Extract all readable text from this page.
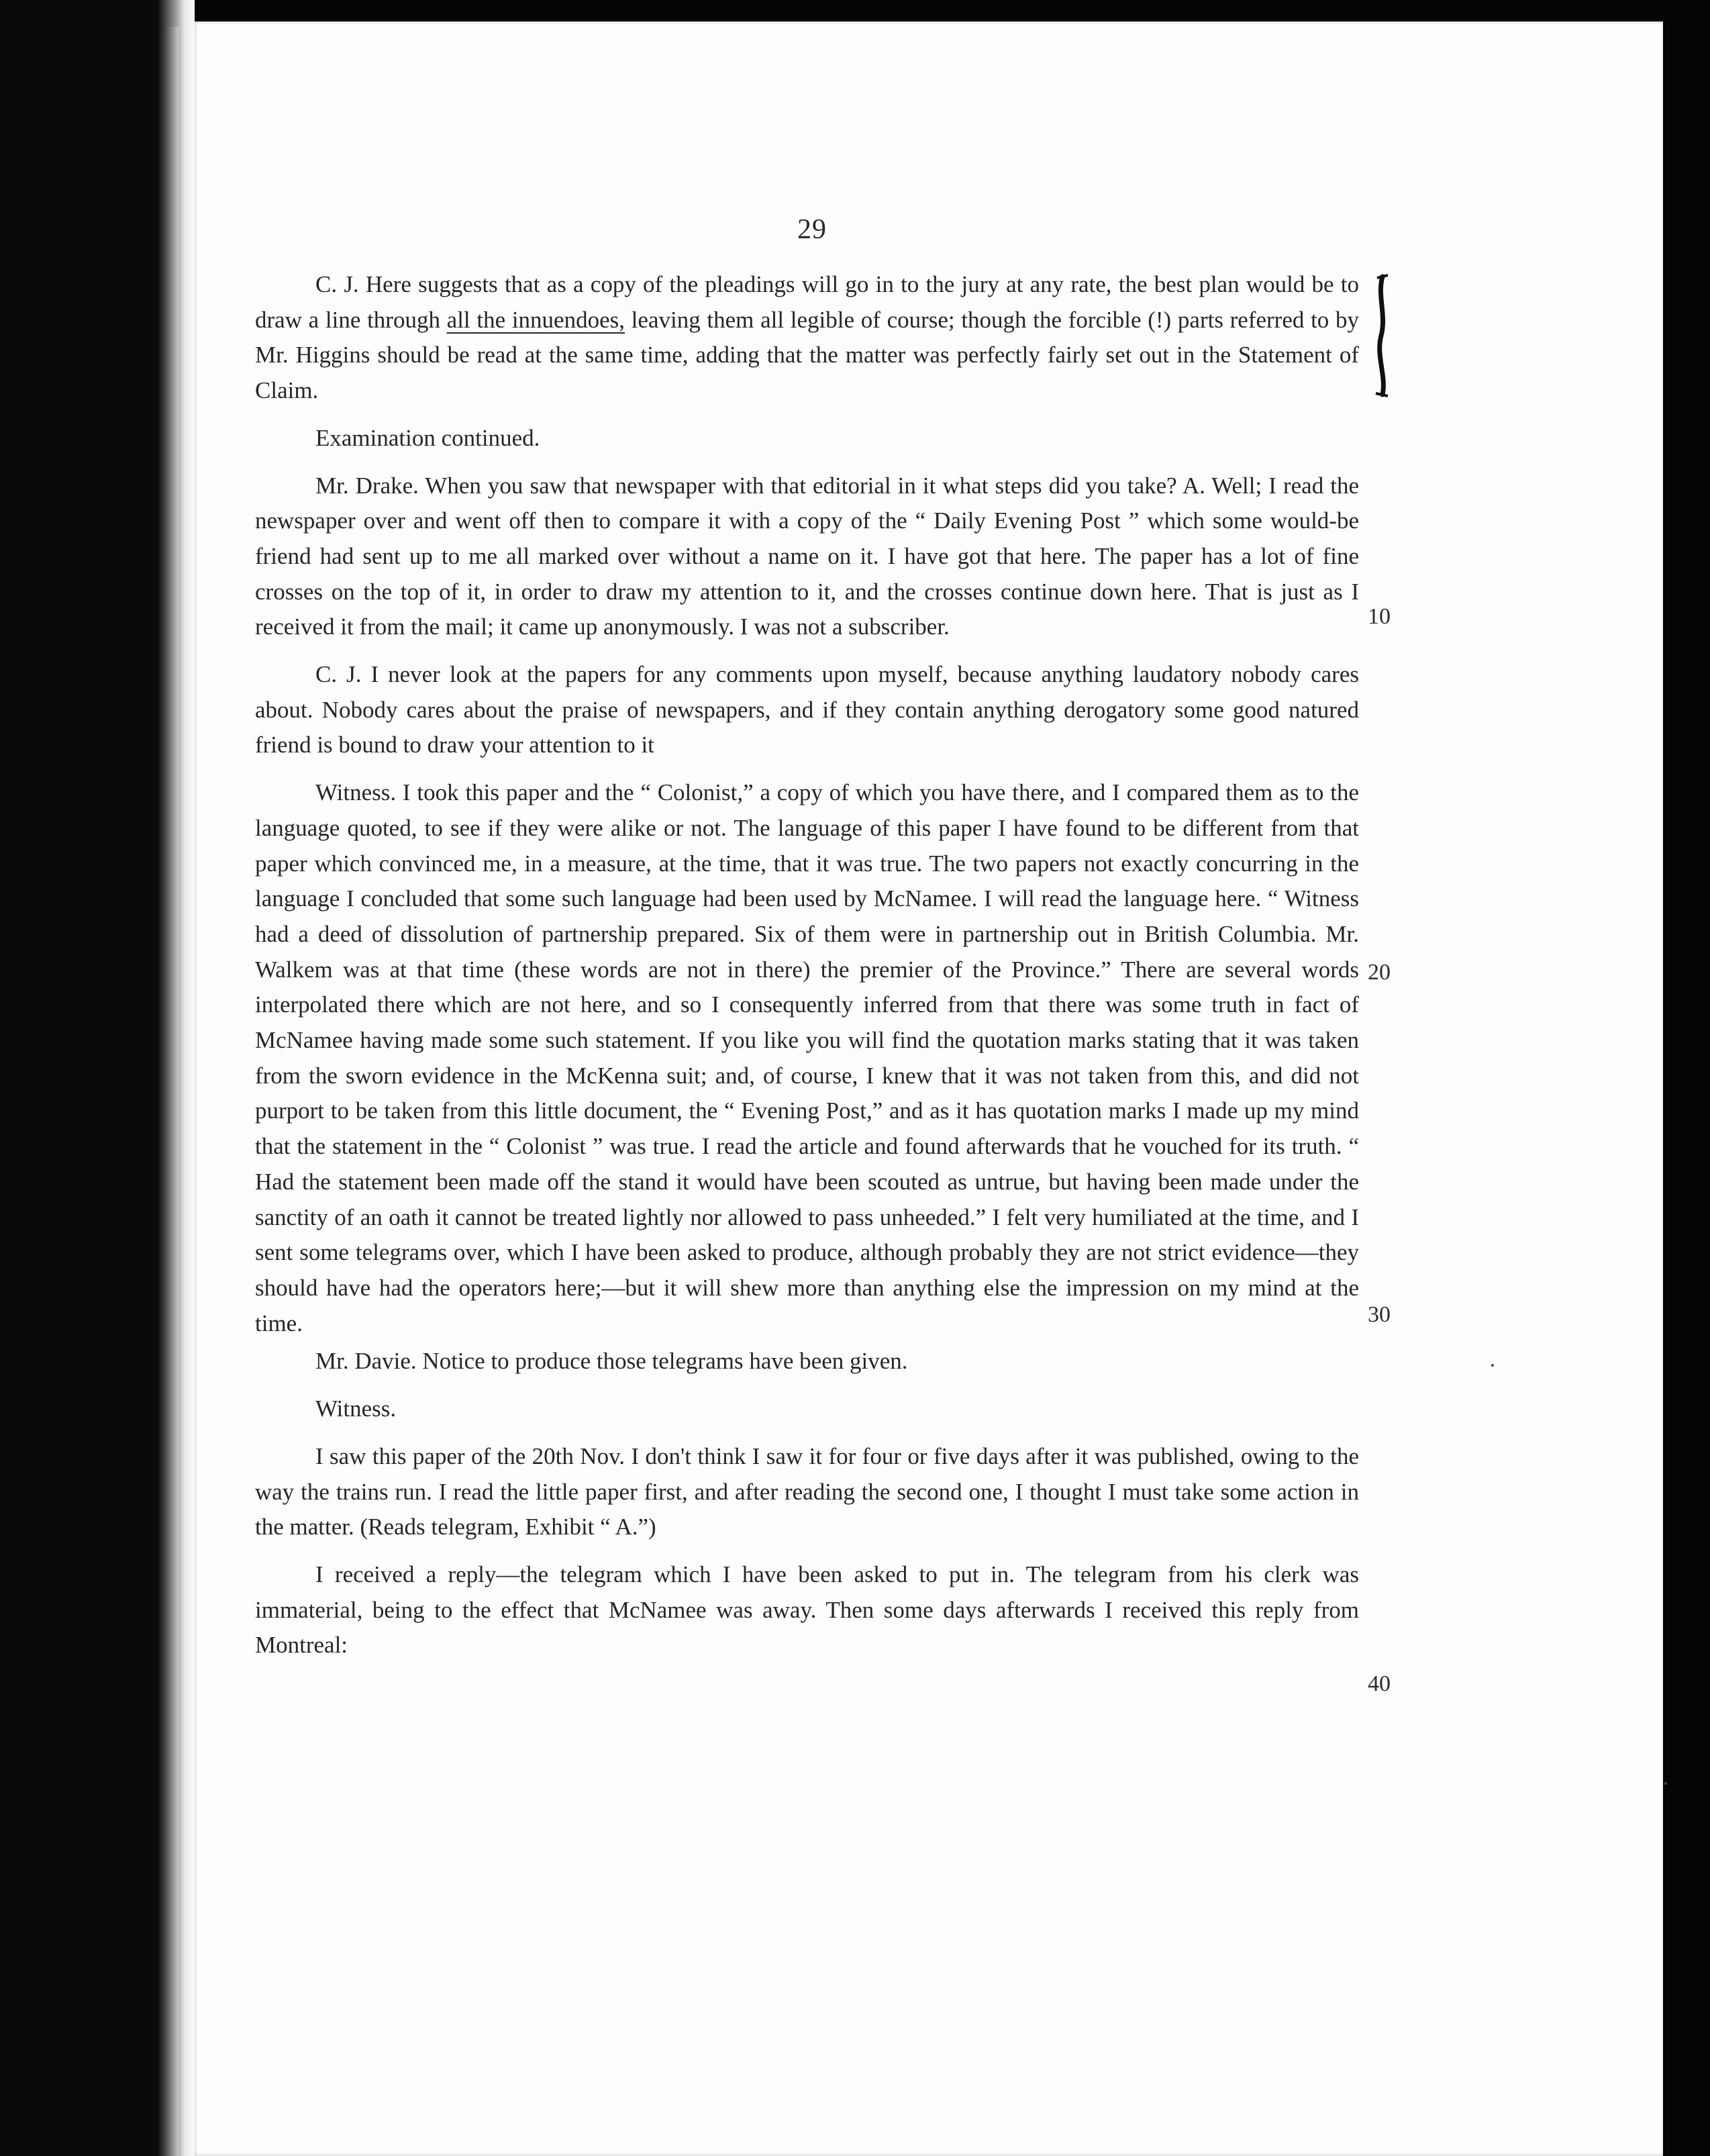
29

C. J. Here suggests that as a copy of the pleadings will go in to the jury at any rate, the best plan would be to draw a line through all the innuendoes, leaving them all legible of course; though the forcible (!) parts referred to by Mr. Higgins should be read at the same time, adding that the matter was perfectly fairly set out in the Statement of Claim.

Examination continued.

Mr. Drake. When you saw that newspaper with that editorial in it what steps did you take? A. Well; I read the newspaper over and went off then to compare it with a copy of the “ Daily Evening Post ” which some would-be friend had sent up to me all marked over without a name on it. I have got that here. The paper has a lot of fine crosses on the top of it, in order to draw my attention to it, and the crosses continue down here. That is just as I received it from the mail; it came up anonymously. I was not a subscriber.

C. J. I never look at the papers for any comments upon myself, because anything laudatory nobody cares about. Nobody cares about the praise of newspapers, and if they contain anything derogatory some good natured friend is bound to draw your attention to it

Witness. I took this paper and the “ Colonist,” a copy of which you have there, and I compared them as to the language quoted, to see if they were alike or not. The language of this paper I have found to be different from that paper which convinced me, in a measure, at the time, that it was true. The two papers not exactly concurring in the language I concluded that some such language had been used by McNamee. I will read the language here. “ Witness had a deed of dissolution of partnership prepared. Six of them were in partnership out in British Columbia. Mr. Walkem was at that time (these words are not in there) the premier of the Province.” There are several words interpolated there which are not here, and so I consequently inferred from that there was some truth in fact of McNamee having made some such statement. If you like you will find the quotation marks stating that it was taken from the sworn evidence in the McKenna suit; and, of course, I knew that it was not taken from this, and did not purport to be taken from this little document, the “ Evening Post,” and as it has quotation marks I made up my mind that the statement in the “ Colonist ” was true. I read the article and found afterwards that he vouched for its truth. “ Had the statement been made off the stand it would have been scouted as untrue, but having been made under the sanctity of an oath it cannot be treated lightly nor allowed to pass unheeded.” I felt very humiliated at the time, and I sent some telegrams over, which I have been asked to produce, although probably they are not strict evidence—they should have had the operators here;—but it will shew more than anything else the impression on my mind at the time.

Mr. Davie. Notice to produce those telegrams have been given.

Witness.

I saw this paper of the 20th Nov. I don't think I saw it for four or five days after it was published, owing to the way the trains run. I read the little paper first, and after reading the second one, I thought I must take some action in the matter. (Reads telegram, Exhibit “ A.”)

I received a reply—the telegram which I have been asked to put in. The telegram from his clerk was immaterial, being to the effect that McNamee was away. Then some days afterwards I received this reply from Montreal:

10
20
30
40
